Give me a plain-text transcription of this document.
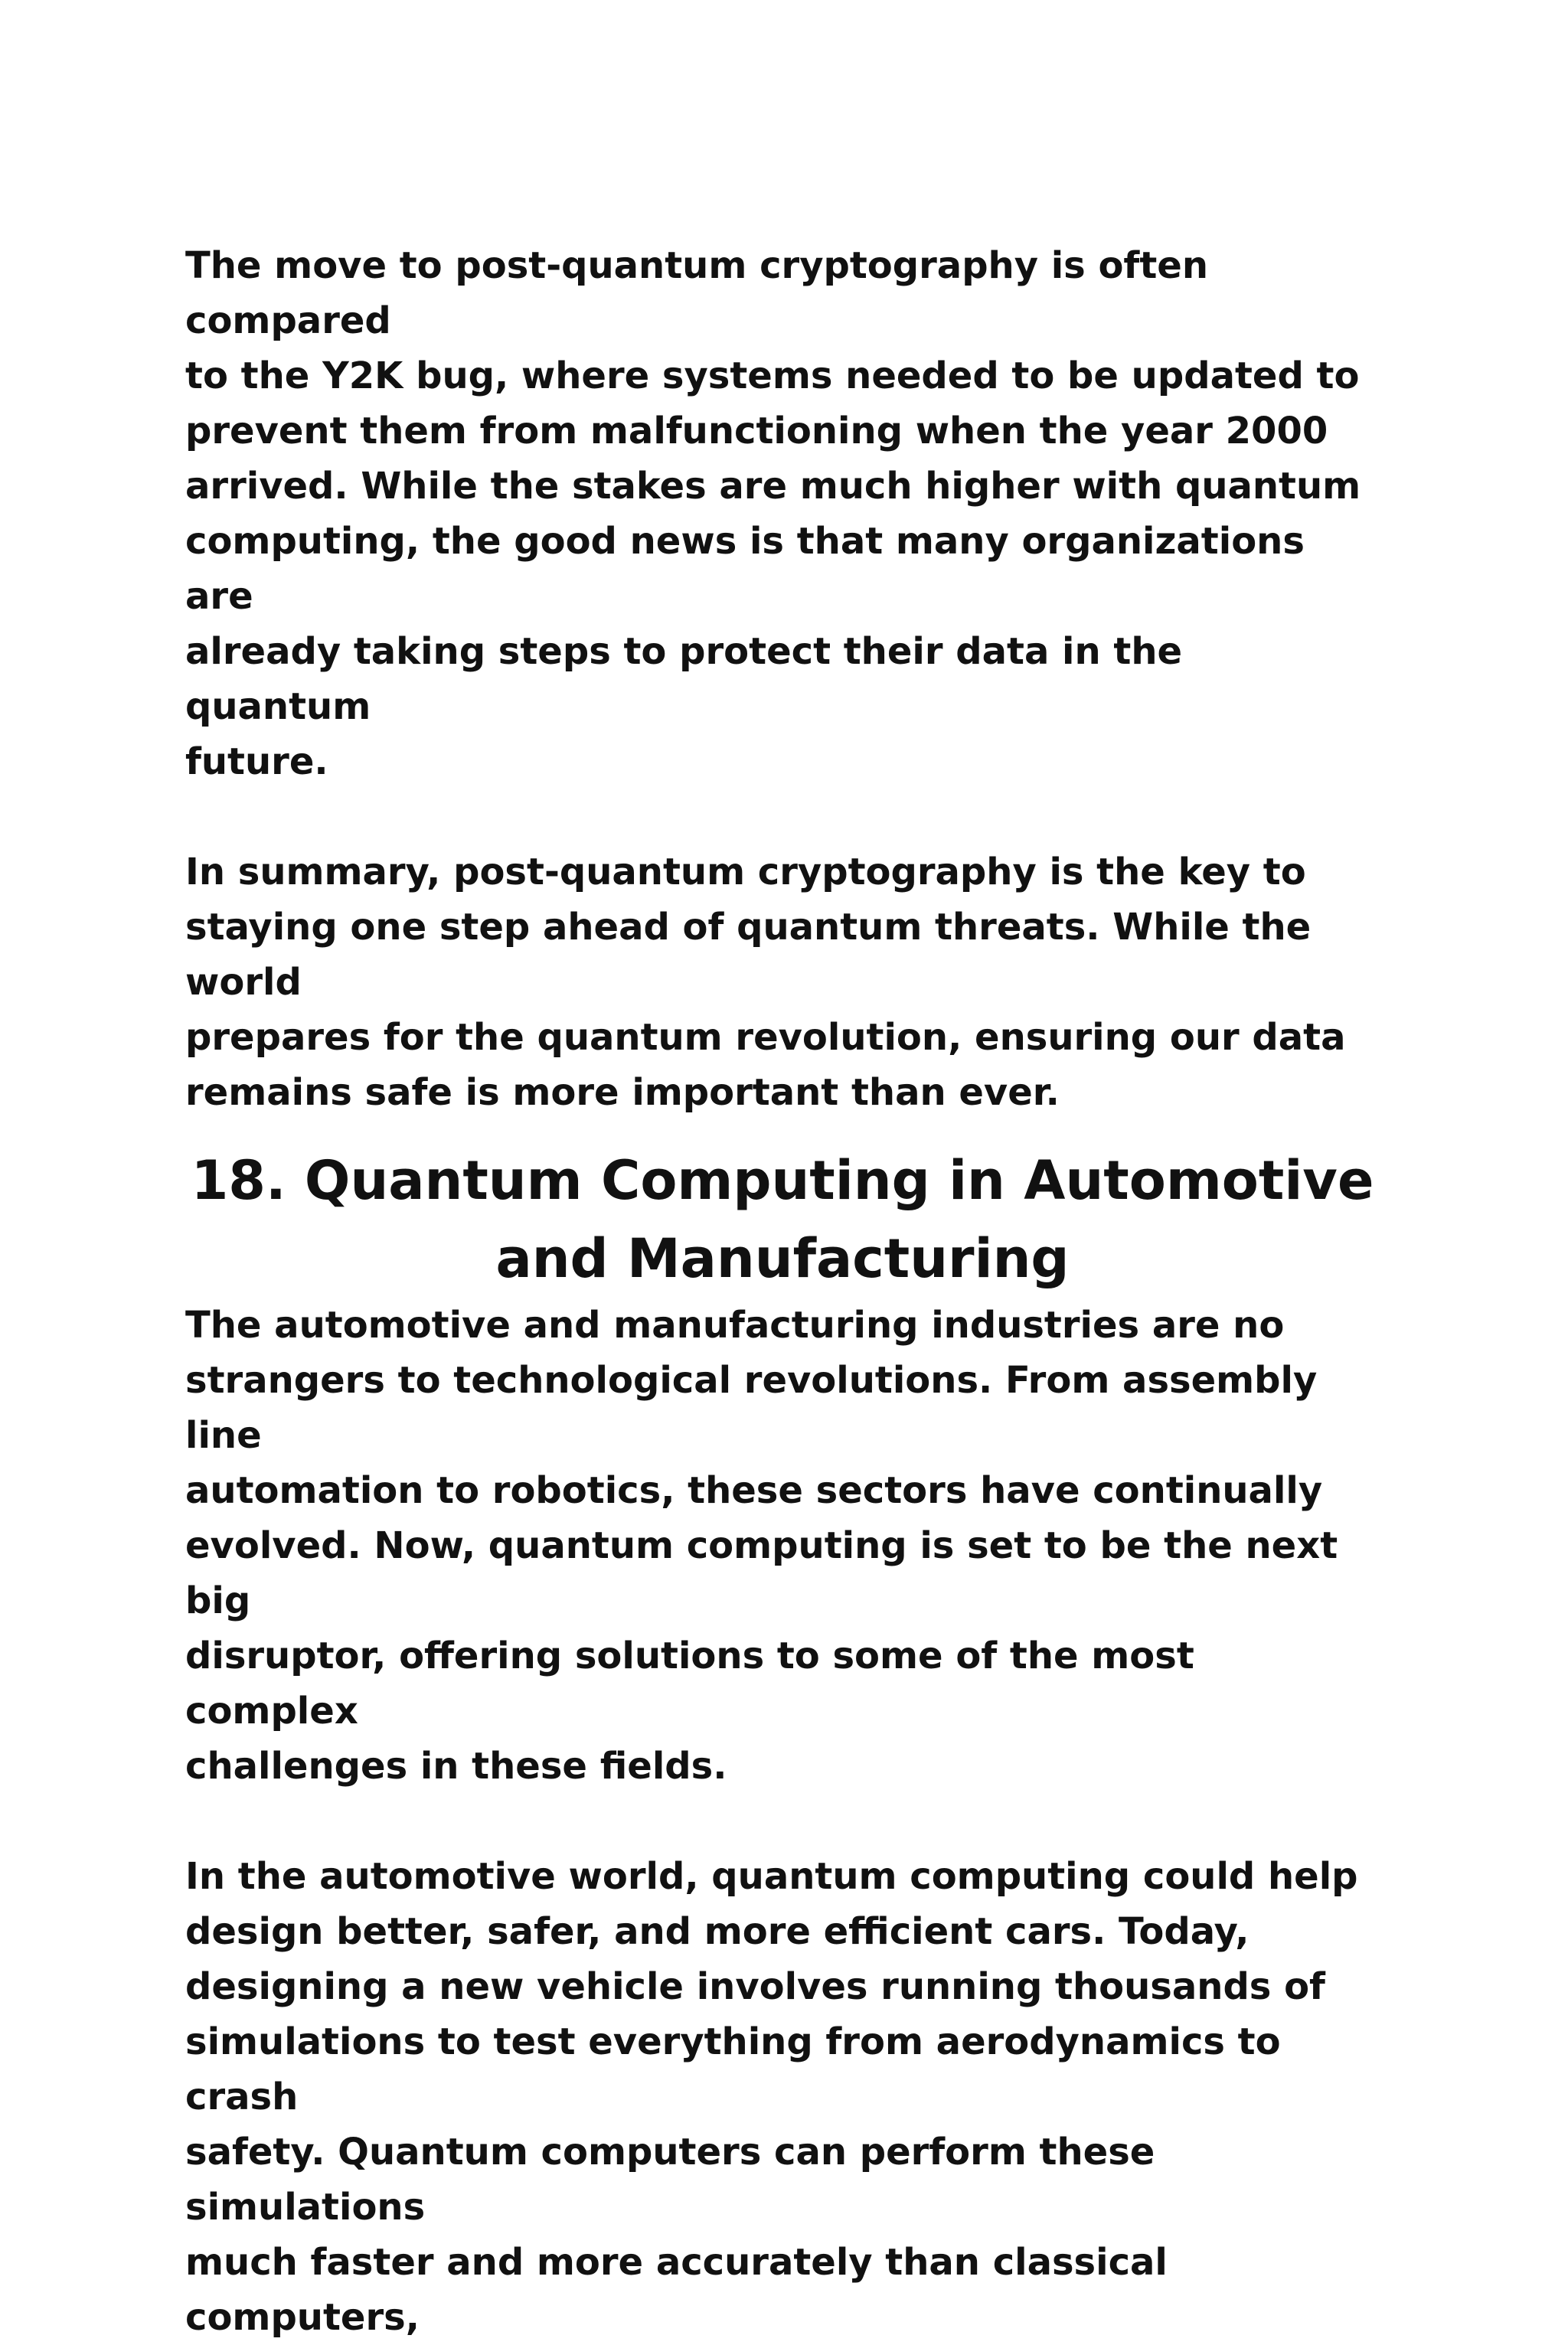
The move to post-quantum cryptography is often compared
to the Y2K bug, where systems needed to be updated to
prevent them from malfunctioning when the year 2000
arrived. While the stakes are much higher with quantum
computing, the good news is that many organizations are
already taking steps to protect their data in the quantum
future.

In summary, post-quantum cryptography is the key to
staying one step ahead of quantum threats. While the world
prepares for the quantum revolution, ensuring our data
remains safe is more important than ever.

18. Quantum Computing in Automotive
and Manufacturing

The automotive and manufacturing industries are no
strangers to technological revolutions. From assembly line
automation to robotics, these sectors have continually
evolved. Now, quantum computing is set to be the next big
disruptor, offering solutions to some of the most complex
challenges in these fields.

In the automotive world, quantum computing could help
design better, safer, and more efficient cars. Today,
designing a new vehicle involves running thousands of
simulations to test everything from aerodynamics to crash
safety. Quantum computers can perform these simulations
much faster and more accurately than classical computers,
